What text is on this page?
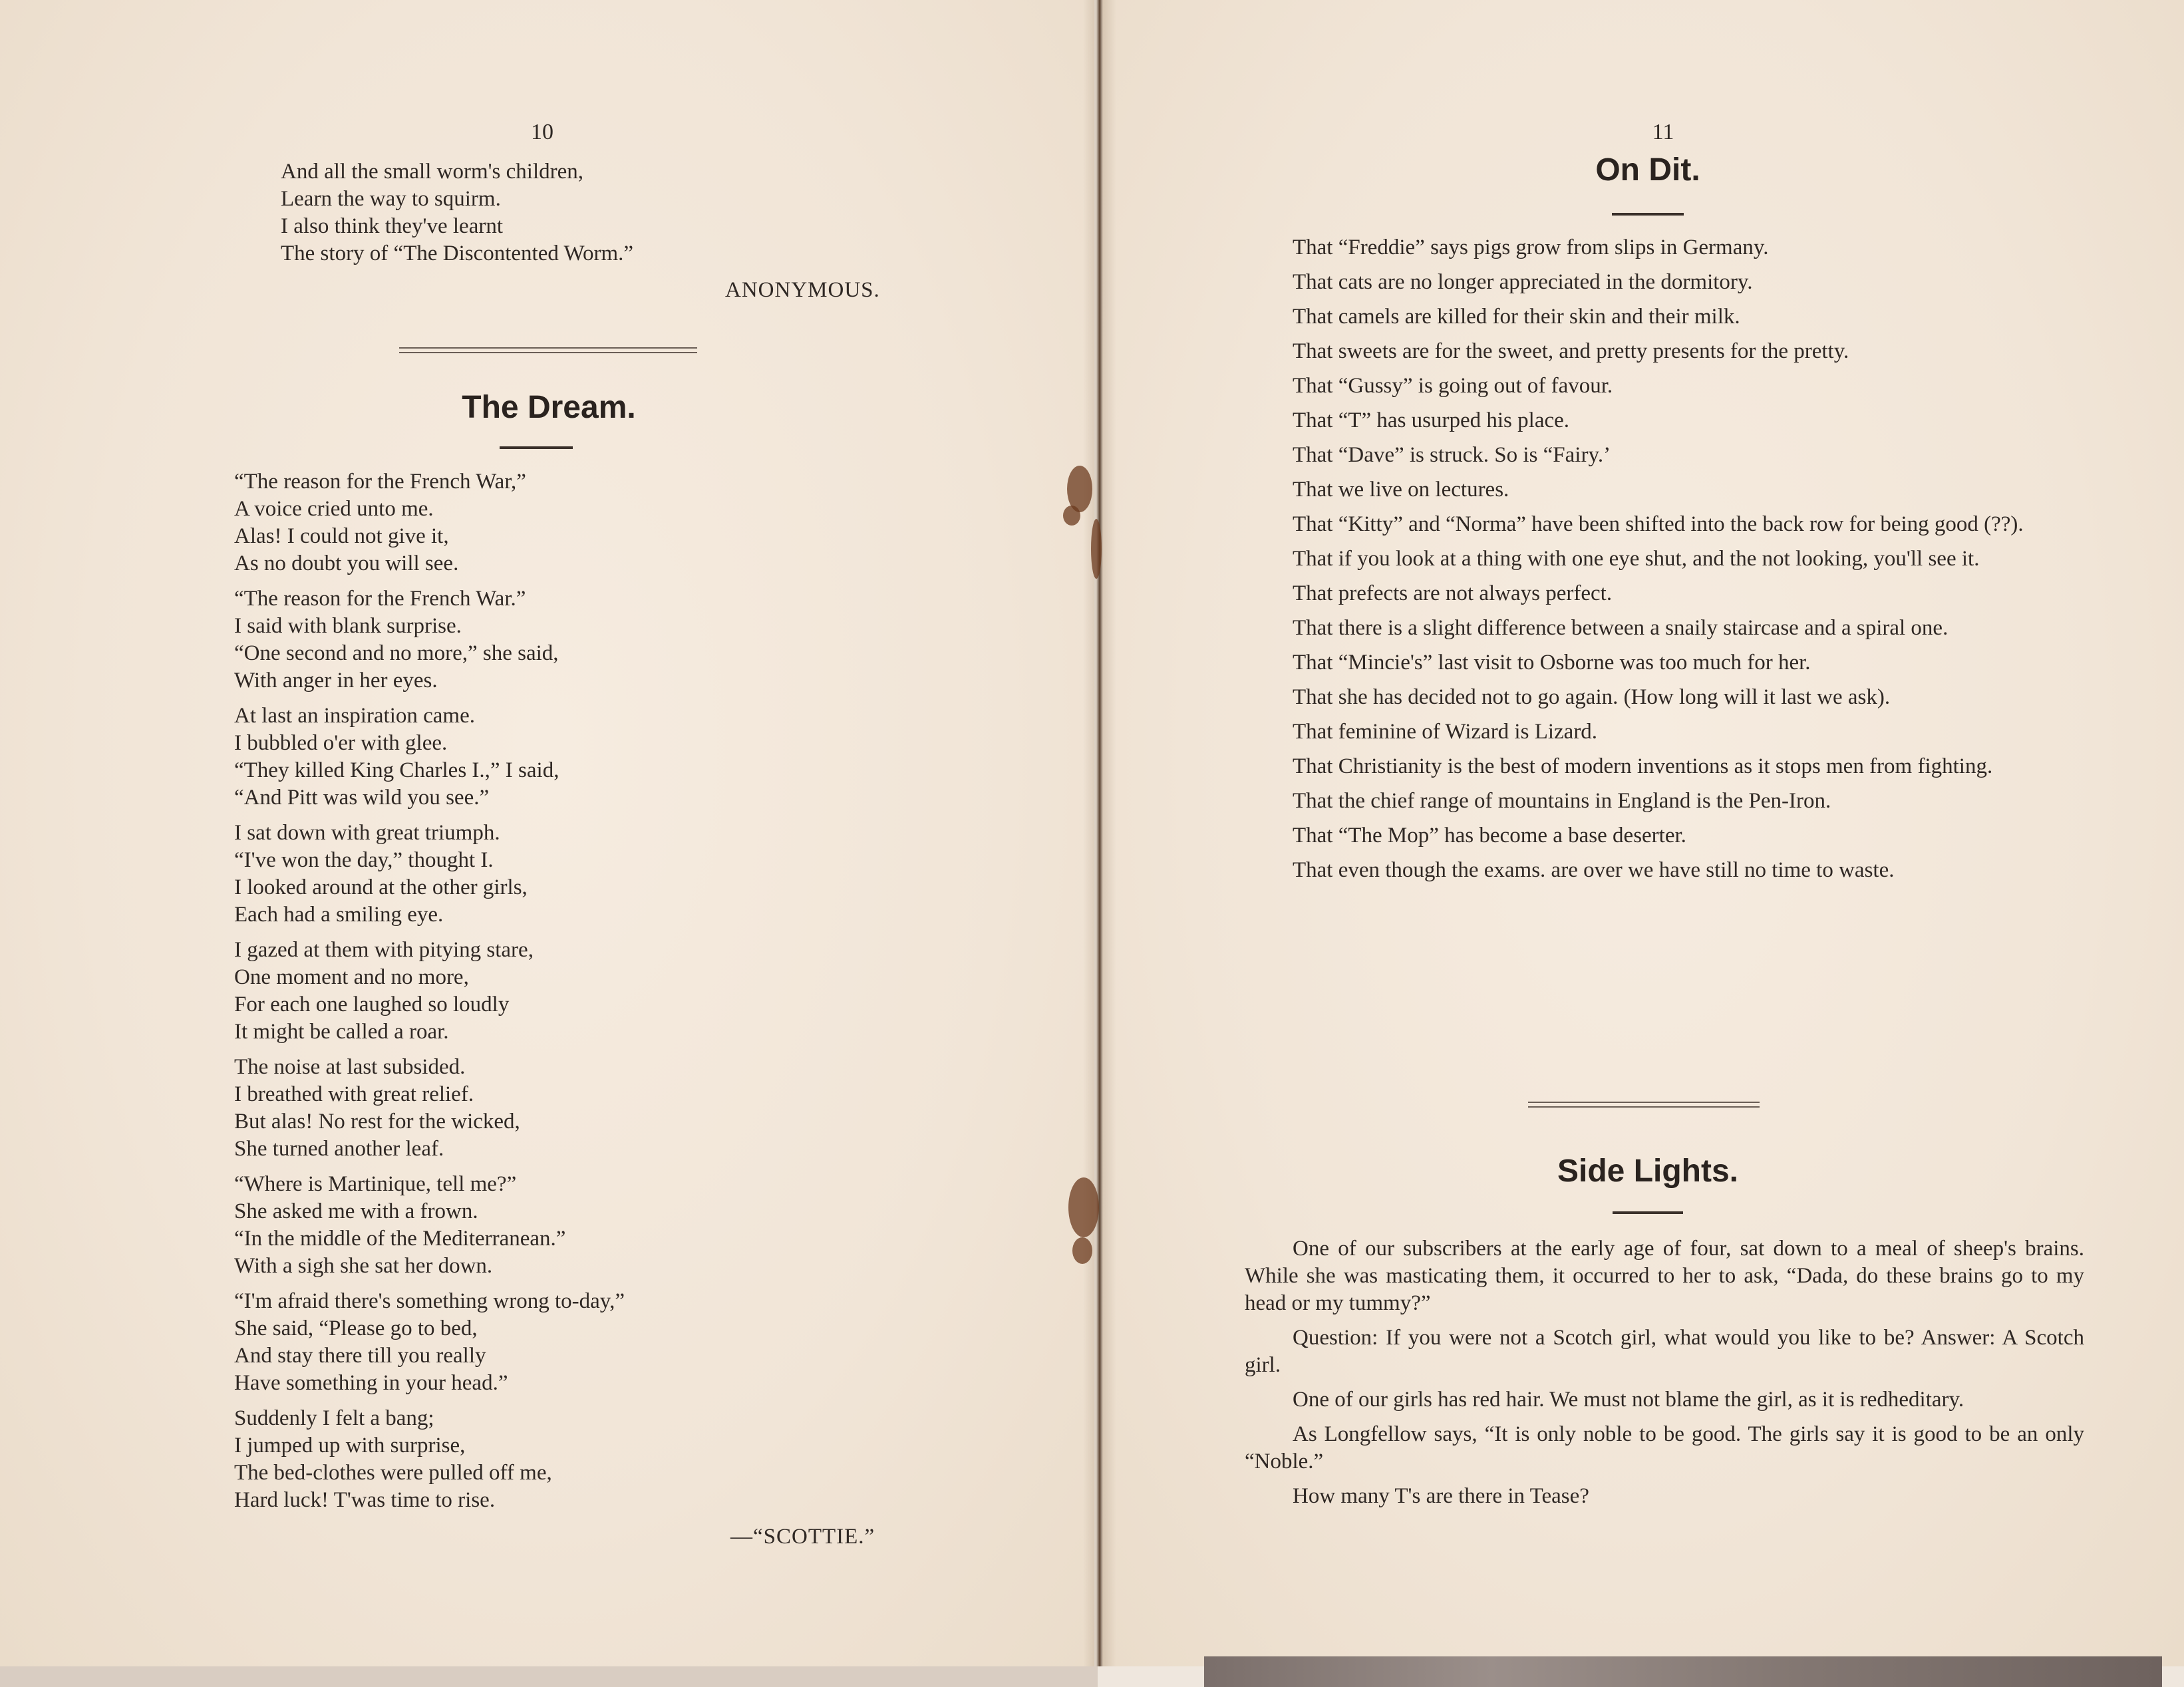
10

And all the small worm's children,

Learn the way to squirm.

I also think they've learnt

The story of “The Discontented Worm.”

ANONYMOUS.
The Dream.

“The reason for the French War,”

A voice cried unto me.

Alas! I could not give it,

As no doubt you will see.

“The reason for the French War.”

I said with blank surprise.

“One second and no more,” she said,

With anger in her eyes.

At last an inspiration came.

I bubbled o'er with glee.

“They killed King Charles I.,” I said,

“And Pitt was wild you see.”

I sat down with great triumph.

“I've won the day,” thought I.

I looked around at the other girls,

Each had a smiling eye.

I gazed at them with pitying stare,

One moment and no more,

For each one laughed so loudly

It might be called a roar.

The noise at last subsided.

I breathed with great relief.

But alas! No rest for the wicked,

She turned another leaf.

“Where is Martinique, tell me?”

She asked me with a frown.

“In the middle of the Mediterranean.”

With a sigh she sat her down.

“I'm afraid there's something wrong to-day,”

She said, “Please go to bed,

And stay there till you really

Have something in your head.”

Suddenly I felt a bang;

I jumped up with surprise,

The bed-clothes were pulled off me,

Hard luck! T'was time to rise.

—“SCOTTIE.”
11
On Dit.

That “Freddie” says pigs grow from slips in Germany.

That cats are no longer appreciated in the dormitory.

That camels are killed for their skin and their milk.

That sweets are for the sweet, and pretty presents for the pretty.

That “Gussy” is going out of favour.

That “T” has usurped his place.

That “Dave” is struck. So is “Fairy.’

That we live on lectures.

That “Kitty” and “Norma” have been shifted into the back row for being good (??).

That if you look at a thing with one eye shut, and the not looking, you'll see it.

That prefects are not always perfect.

That there is a slight difference between a snaily staircase and a spiral one.

That “Mincie's” last visit to Osborne was too much for her.

That she has decided not to go again. (How long will it last we ask).

That feminine of Wizard is Lizard.

That Christianity is the best of modern inventions as it stops men from fighting.

That the chief range of mountains in England is the Pen-Iron.

That “The Mop” has become a base deserter.

That even though the exams. are over we have still no time to waste.

Side Lights.

One of our subscribers at the early age of four, sat down to a meal of sheep's brains. While she was masticating them, it occurred to her to ask, “Dada, do these brains go to my head or my tummy?”

Question: If you were not a Scotch girl, what would you like to be? Answer: A Scotch girl.

One of our girls has red hair. We must not blame the girl, as it is redheditary.

As Longfellow says, “It is only noble to be good. The girls say it is good to be an only “Noble.”

How many T's are there in Tease?
